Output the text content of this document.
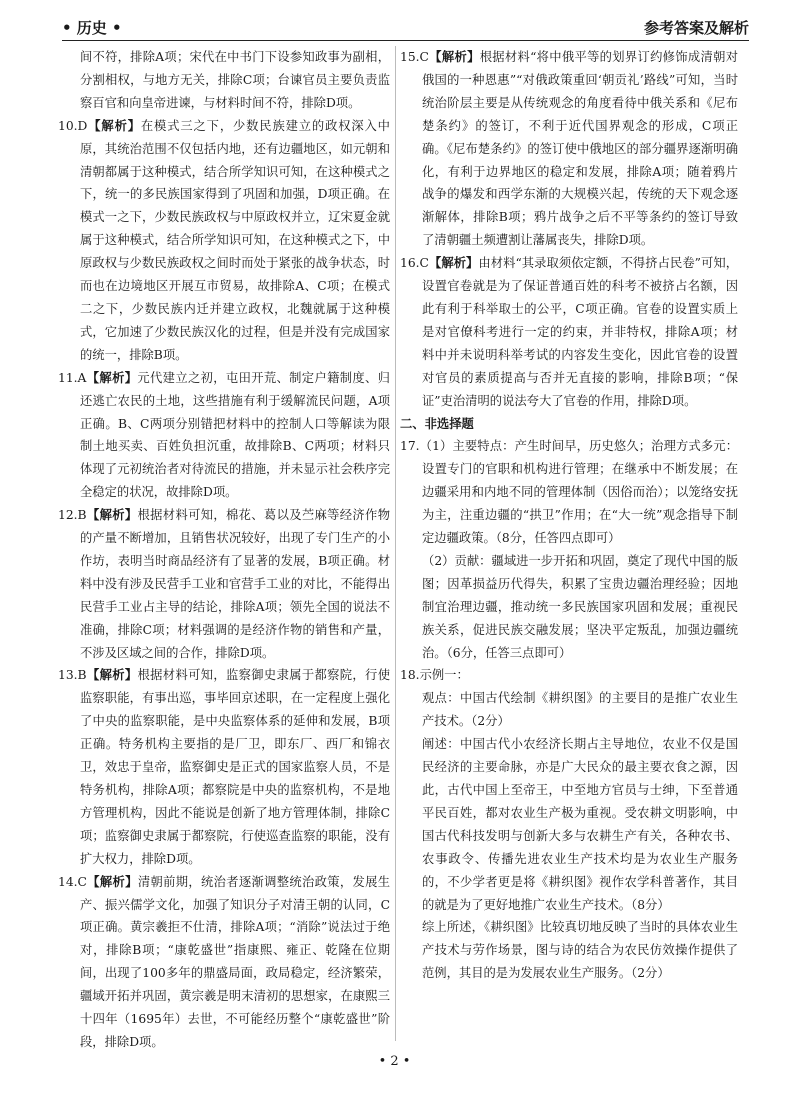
• 历史 •	参考答案及解析

间不符，排除A项；宋代在中书门下设参知政事为副相，分割相权，与地方无关，排除C项；台谏官员主要负责监察百官和向皇帝进谏，与材料时间不符，排除D项。

10.D【解析】在模式三之下，少数民族建立的政权深入中原，其统治范围不仅包括内地，还有边疆地区，如元朝和清朝都属于这种模式，结合所学知识可知，在这种模式之下，统一的多民族国家得到了巩固和加强，D项正确。在模式一之下，少数民族政权与中原政权并立，辽宋夏金就属于这种模式，结合所学知识可知，在这种模式之下，中原政权与少数民族政权之间时而处于紧张的战争状态，时而也在边境地区开展互市贸易，故排除A、C项；在模式二之下，少数民族内迁并建立政权，北魏就属于这种模式，它加速了少数民族汉化的过程，但是并没有完成国家的统一，排除B项。

11.A【解析】元代建立之初，屯田开荒、制定户籍制度、归还逃亡农民的土地，这些措施有利于缓解流民问题，A项正确。B、C两项分别错把材料中的控制人口等解读为限制土地买卖、百姓负担沉重，故排除B、C两项；材料只体现了元初统治者对待流民的措施，并未显示社会秩序完全稳定的状况，故排除D项。

12.B【解析】根据材料可知，棉花、葛以及苎麻等经济作物的产量不断增加，且销售状况较好，出现了专门生产的小作坊，表明当时商品经济有了显著的发展，B项正确。材料中没有涉及民营手工业和官营手工业的对比，不能得出民营手工业占主导的结论，排除A项；领先全国的说法不准确，排除C项；材料强调的是经济作物的销售和产量，不涉及区域之间的合作，排除D项。

13.B【解析】根据材料可知，监察御史隶属于都察院，行使监察职能，有事出巡，事毕回京述职，在一定程度上强化了中央的监察职能，是中央监察体系的延伸和发展，B项正确。特务机构主要指的是厂卫，即东厂、西厂和锦衣卫，效忠于皇帝，监察御史是正式的国家监察人员，不是特务机构，排除A项；都察院是中央的监察机构，不是地方管理机构，因此不能说是创新了地方管理体制，排除C项；监察御史隶属于都察院，行使巡查监察的职能，没有扩大权力，排除D项。

14.C【解析】清朝前期，统治者逐渐调整统治政策，发展生产、振兴儒学文化，加强了知识分子对清王朝的认同，C项正确。黄宗羲拒不仕清，排除A项；“消除”说法过于绝对，排除B项；“康乾盛世”指康熙、雍正、乾隆在位期间，出现了100多年的鼎盛局面，政局稳定，经济繁荣，疆域开拓并巩固，黄宗羲是明末清初的思想家，在康熙三十四年（1695年）去世，不可能经历整个“康乾盛世”阶段，排除D项。

15.C【解析】根据材料“将中俄平等的划界订约修饰成清朝对俄国的一种恩惠”“对俄政策重回‘朝贡礼’路线”可知，当时统治阶层主要是从传统观念的角度看待中俄关系和《尼布楚条约》的签订，不利于近代国界观念的形成，C项正确。《尼布楚条约》的签订使中俄地区的部分疆界逐渐明确化，有利于边界地区的稳定和发展，排除A项；随着鸦片战争的爆发和西学东渐的大规模兴起，传统的天下观念逐渐解体，排除B项；鸦片战争之后不平等条约的签订导致了清朝疆土频遭割让藩属丧失，排除D项。

16.C【解析】由材料“其录取须依定额，不得挤占民卷”可知，设置官卷就是为了保证普通百姓的科考不被挤占名额，因此有利于科举取士的公平，C项正确。官卷的设置实质上是对官僚科考进行一定的约束，并非特权，排除A项；材料中并未说明科举考试的内容发生变化，因此官卷的设置对官员的素质提高与否并无直接的影响，排除B项；“保证”吏治清明的说法夸大了官卷的作用，排除D项。

二、非选择题

17.（1）主要特点：产生时间早，历史悠久；治理方式多元：设置专门的官职和机构进行管理；在继承中不断发展；在边疆采用和内地不同的管理体制（因俗而治）；以笼络安抚为主，注重边疆的“拱卫”作用；在“大一统”观念指导下制定边疆政策。（8分，任答四点即可）

（2）贡献：疆域进一步开拓和巩固，奠定了现代中国的版图；因革损益历代得失，积累了宝贵边疆治理经验；因地制宜治理边疆，推动统一多民族国家巩固和发展；重视民族关系，促进民族交融发展；坚决平定叛乱，加强边疆统治。（6分，任答三点即可）

18.示例一：

观点：中国古代绘制《耕织图》的主要目的是推广农业生产技术。（2分）

阐述：中国古代小农经济长期占主导地位，农业不仅是国民经济的主要命脉，亦是广大民众的最主要衣食之源，因此，古代中国上至帝王，中至地方官员与士绅，下至普通平民百姓，都对农业生产极为重视。受农耕文明影响，中国古代科技发明与创新大多与农耕生产有关，各种农书、农事政令、传播先进农业生产技术均是为农业生产服务的，不少学者更是将《耕织图》视作农学科普著作，其目的就是为了更好地推广农业生产技术。（8分）

综上所述，《耕织图》比较真切地反映了当时的具体农业生产技术与劳作场景，图与诗的结合为农民仿效操作提供了范例，其目的是为发展农业生产服务。（2分）

• 2 •
